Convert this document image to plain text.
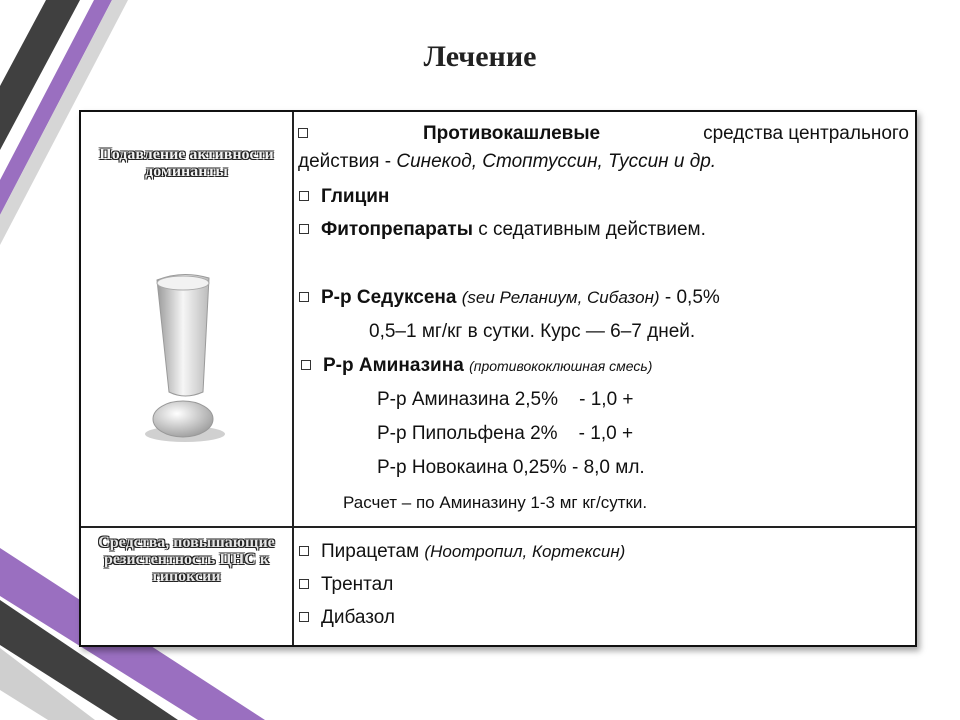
Лечение
Подавление активности доминанты
Средства, повышающие резистентность ЦНС к гипоксии
Противокашлевые	средства центрального
действия - Синекод, Стоптуссин, Туссин и др.
Глицин
Фитопрепараты с седативным действием.
Р-р Седуксена (seu Реланиум, Сибазон) - 0,5%
0,5–1 мг/кг в сутки. Курс — 6–7 дней.
Р-р Аминазина (противококлюшная смесь)
Р-р Аминазина 2,5%    - 1,0 +
Р-р Пипольфена 2%    - 1,0 +
Р-р Новокаина 0,25% - 8,0 мл.
Расчет – по Аминазину 1-3 мг кг/сутки.
Пирацетам (Ноотропил, Кортексин)
Трентал
Дибазол
